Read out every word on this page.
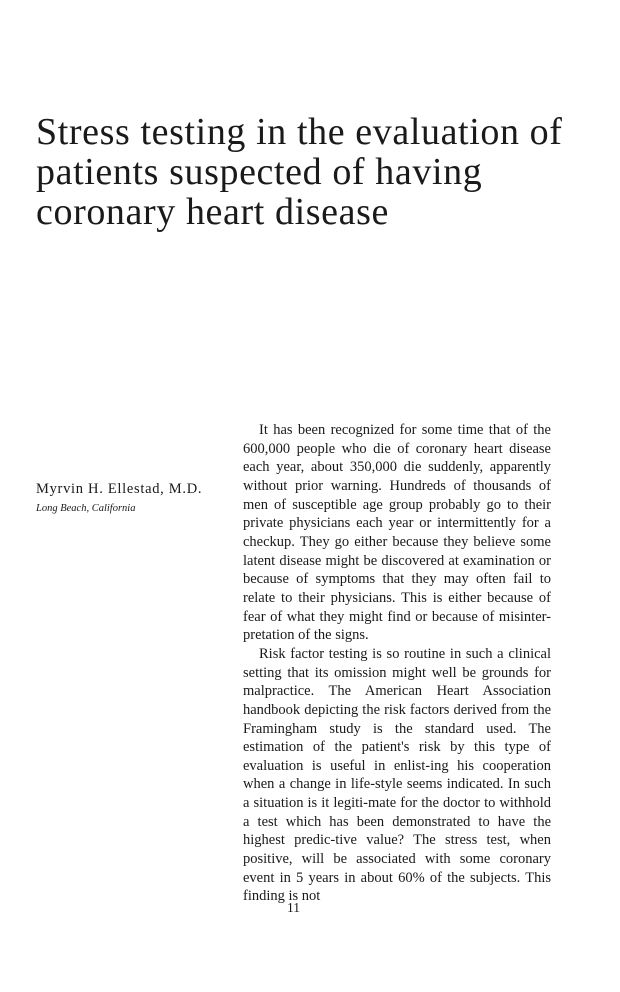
Stress testing in the evaluation of
patients suspected of having
coronary heart disease
Myrvin H. Ellestad, M.D.
Long Beach, California

It has been recognized for some time that of the 600,000 people who die of coronary heart disease each year, about 350,000 die suddenly, apparently without prior warning. Hundreds of thousands of men of susceptible age group probably go to their private physicians each year or intermittently for a checkup. They go either because they believe some latent disease might be discovered at examination or because of symptoms that they may often fail to relate to their physicians. This is either because of fear of what they might find or because of misinter-pretation of the signs.

Risk factor testing is so routine in such a clinical setting that its omission might well be grounds for malpractice. The American Heart Association handbook depicting the risk factors derived from the Framingham study is the standard used. The estimation of the patient's risk by this type of evaluation is useful in enlist-ing his cooperation when a change in life-style seems indicated. In such a situation is it legiti-mate for the doctor to withhold a test which has been demonstrated to have the highest predic-tive value? The stress test, when positive, will be associated with some coronary event in 5 years in about 60% of the subjects. This finding is not

11
